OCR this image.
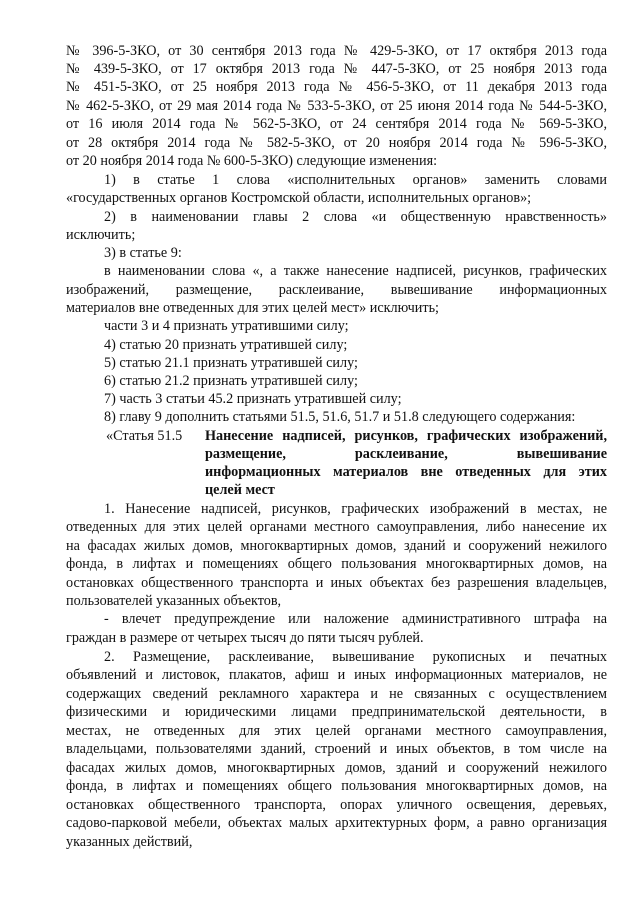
№ 396-5-ЗКО, от 30 сентября 2013 года № 429-5-ЗКО, от 17 октября 2013 года
№ 439-5-ЗКО, от 17 октября 2013 года № 447-5-ЗКО, от 25 ноября 2013 года
№ 451-5-ЗКО, от 25 ноября 2013 года № 456-5-ЗКО, от 11 декабря 2013 года
№ 462-5-ЗКО, от 29 мая 2014 года № 533-5-ЗКО, от 25 июня 2014 года № 544-5-ЗКО,
от 16 июля 2014 года № 562-5-ЗКО, от 24 сентября 2014 года № 569-5-ЗКО,
от 28 октября 2014 года № 582-5-ЗКО, от 20 ноября 2014 года № 596-5-ЗКО,
от 20 ноября 2014 года № 600-5-ЗКО) следующие изменения:
1) в статье 1 слова «исполнительных органов» заменить словами
«государственных органов Костромской области, исполнительных органов»;
2) в наименовании главы 2 слова «и общественную нравственность»
исключить;
3) в статье 9:
в наименовании слова «, а также нанесение надписей, рисунков, графических
изображений, размещение, расклеивание, вывешивание информационных
материалов вне отведенных для этих целей мест» исключить;
части 3 и 4 признать утратившими силу;
4) статью 20 признать утратившей силу;
5) статью 21.1 признать утратившей силу;
6) статью 21.2 признать утратившей силу;
7) часть 3 статьи 45.2 признать утратившей силу;
8) главу 9 дополнить статьями 51.5, 51.6, 51.7 и 51.8 следующего содержания:
«Статья 51.5 Нанесение надписей, рисунков, графических изображений,
размещение, расклеивание, вывешивание
информационных материалов вне отведенных для этих
целей мест
1. Нанесение надписей, рисунков, графических изображений в местах, не
отведенных для этих целей органами местного самоуправления, либо нанесение их
на фасадах жилых домов, многоквартирных домов, зданий и сооружений нежилого
фонда, в лифтах и помещениях общего пользования многоквартирных домов, на
остановках общественного транспорта и иных объектах без разрешения владельцев,
пользователей указанных объектов,
- влечет предупреждение или наложение административного штрафа на
граждан в размере от четырех тысяч до пяти тысяч рублей.
2. Размещение, расклеивание, вывешивание рукописных и печатных
объявлений и листовок, плакатов, афиш и иных информационных материалов, не
содержащих сведений рекламного характера и не связанных с осуществлением
физическими и юридическими лицами предпринимательской деятельности, в
местах, не отведенных для этих целей органами местного самоуправления,
владельцами, пользователями зданий, строений и иных объектов, в том числе на
фасадах жилых домов, многоквартирных домов, зданий и сооружений нежилого
фонда, в лифтах и помещениях общего пользования многоквартирных домов, на
остановках общественного транспорта, опорах уличного освещения, деревьях,
садово-парковой мебели, объектах малых архитектурных форм, а равно организация
указанных действий,
